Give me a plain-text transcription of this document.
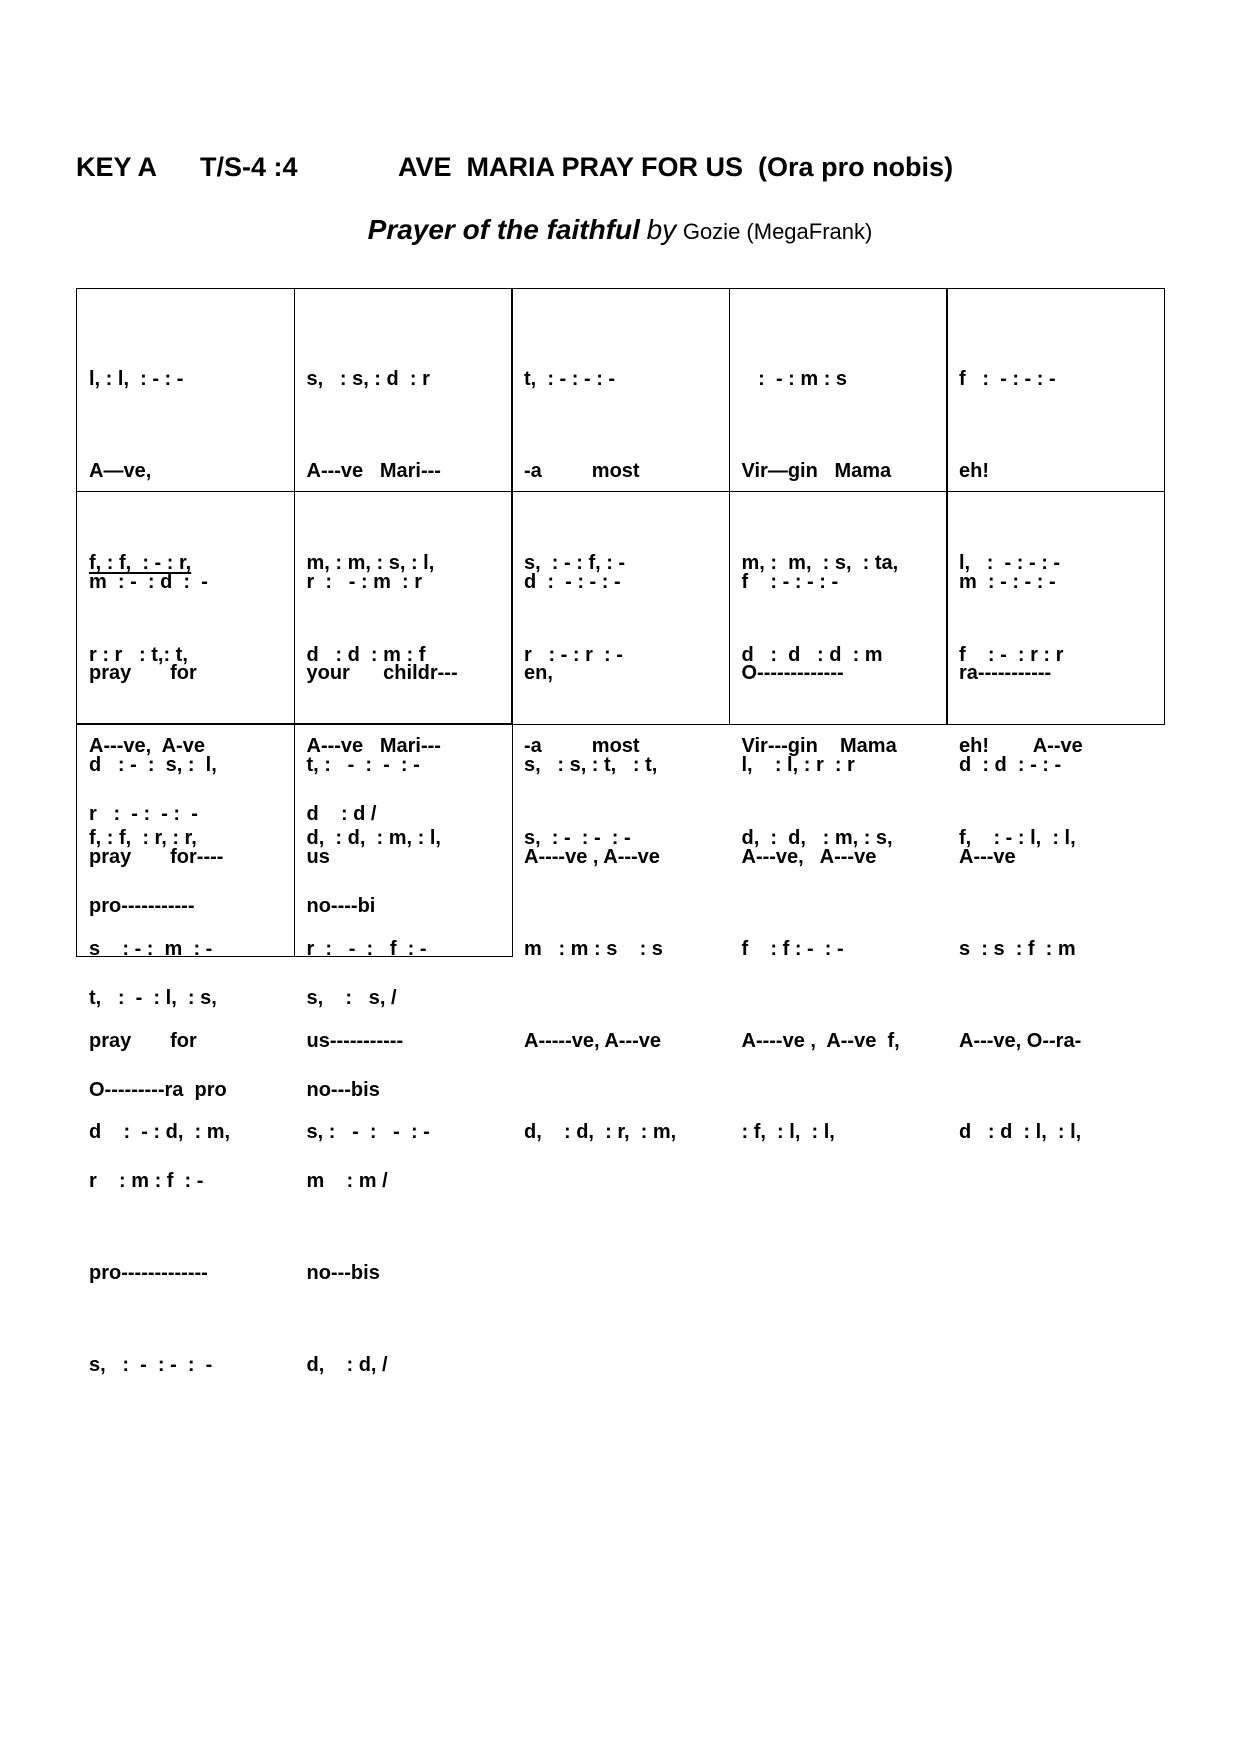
KEY A

T/S-4 :4

	AVE  MARIA PRAY FOR US  (Ora pro nobis)

Prayer of the faithful by Gozie (MegaFrank)

l, : l,  : - : -

A—ve,

f, : f,  : - : r,

r : r   : t,: t,

A---ve,  A-ve

f, : f,  : r, : r,

s,   : s, : d  : r

A---ve   Mari---

m, : m, : s, : l,

d   : d  : m : f

A---ve   Mari---

d,  : d,  : m, : l,

t,  : - : - : -

-a         most

s,  : - : f, : -

r   : - : r  : -

-a         most

s,  : -  : -  : -

:  - : m : s

Vir—gin   Mama

m, :  m,  : s,  : ta,

d   :  d   : d  : m

Vir---gin    Mama

d,  :  d,   : m, : s,

f   :  - : - : -

eh!

l,   :  - : - : -

f    : -  : r : r

eh!        A--ve

f,    : - : l,  : l,

m  : -  : d  :  -

pray       for

d   : -  :  s, :  l,

pray       for----

s    : - :  m  : -

pray       for

d    :  - : d,  : m,

r  :   - : m  : r

your      childr---

t, :   -  :  -  : -

us

r  :   -  :   f  : -

us-----------

s, :   -  :   -  : -

d  :  - : - : -

en,

s,   : s, : t,   : t,

A----ve , A---ve

m   : m : s    : s

A-----ve, A---ve

d,    : d,  : r,  : m,

f    : - : - : -

O-------------

l,    : l, : r  : r

A---ve,   A---ve

f    : f : -  : -

A----ve ,  A--ve  f,

: f,  : l,  : l,

m  : - : - : -

ra-----------

d  : d  : - : -

A---ve

s  : s  : f  : m

A---ve, O--ra-

d   : d  : l,  : l,

r   :  - :  - :  -

pro-----------

t,   :  -  : l,  : s,

O---------ra  pro

r    : m : f  : -

pro-------------

s,   :  -  : -  :  -

d    : d /

no----bi

s,    :   s, /

no---bis

m    : m /

no---bis

d,    : d, /
